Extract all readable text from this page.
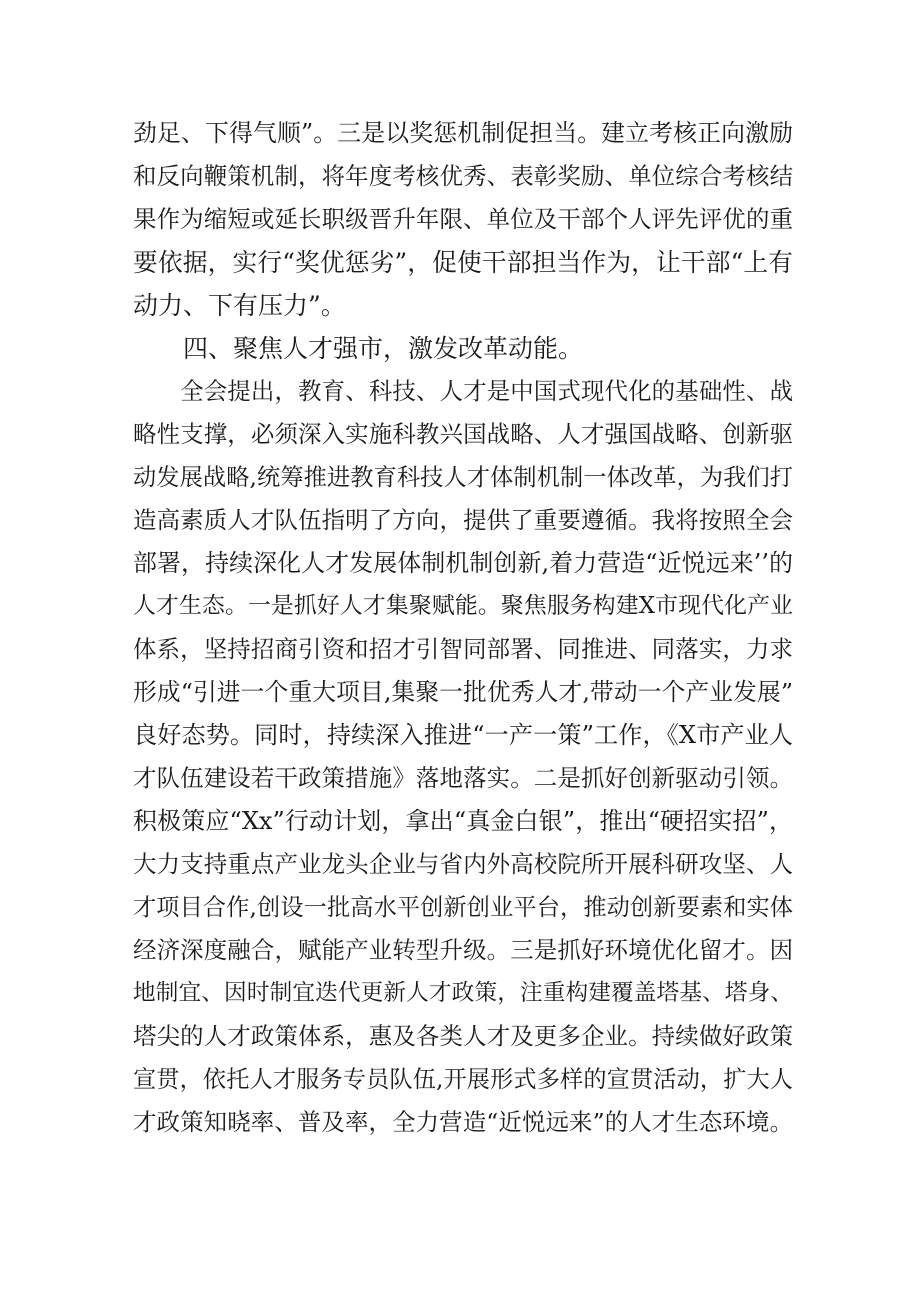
劲足、下得气顺”。三是以奖惩机制促担当。建立考核正向激励
和反向鞭策机制，将年度考核优秀、表彰奖励、单位综合考核结
果作为缩短或延长职级晋升年限、单位及干部个人评先评优的重
要依据，实行“奖优惩劣”，促使干部担当作为，让干部“上有
动力、下有压力”。
　　四、聚焦人才强市，激发改革动能。
　　全会提出，教育、科技、人才是中国式现代化的基础性、战
略性支撑，必须深入实施科教兴国战略、人才强国战略、创新驱
动发展战略,统筹推进教育科技人才体制机制一体改革，为我们打
造高素质人才队伍指明了方向，提供了重要遵循。我将按照全会
部署，持续深化人才发展体制机制创新,着力营造“近悦远来’’的
人才生态。一是抓好人才集聚赋能。聚焦服务构建X市现代化产业
体系，坚持招商引资和招才引智同部署、同推进、同落实，力求
形成“引进一个重大项目,集聚一批优秀人才,带动一个产业发展”
良好态势。同时，持续深入推进“一产一策”工作，《X市产业人
才队伍建设若干政策措施》落地落实。二是抓好创新驱动引领。
积极策应“Xx”行动计划，拿出“真金白银”，推出“硬招实招”，
大力支持重点产业龙头企业与省内外高校院所开展科研攻坚、人
才项目合作,创设一批高水平创新创业平台，推动创新要素和实体
经济深度融合，赋能产业转型升级。三是抓好环境优化留才。因
地制宜、因时制宜迭代更新人才政策，注重构建覆盖塔基、塔身、
塔尖的人才政策体系，惠及各类人才及更多企业。持续做好政策
宣贯，依托人才服务专员队伍,开展形式多样的宣贯活动，扩大人
才政策知晓率、普及率，全力营造“近悦远来”的人才生态环境。
